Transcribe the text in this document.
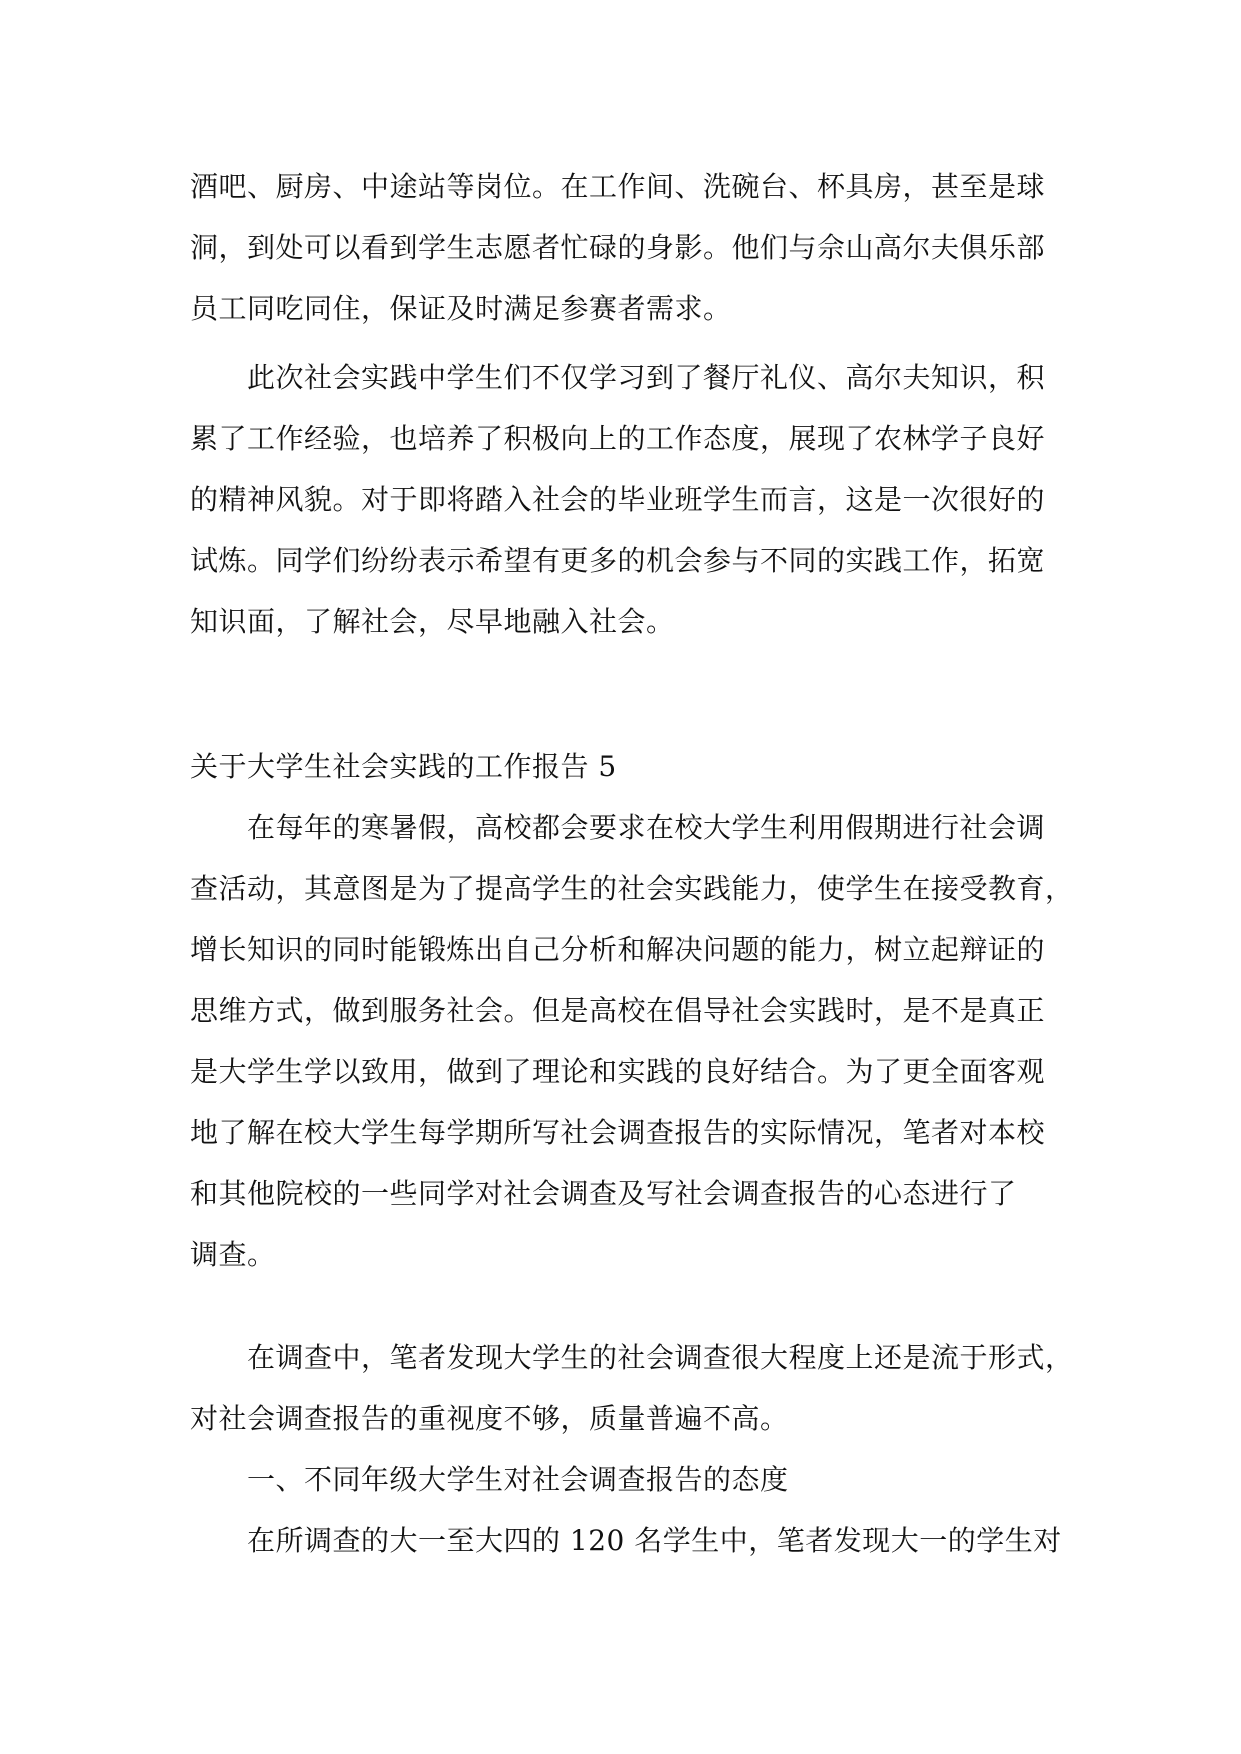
酒吧、厨房、中途站等岗位。在工作间、洗碗台、杯具房，甚至是球
洞，到处可以看到学生志愿者忙碌的身影。他们与佘山高尔夫俱乐部
员工同吃同住，保证及时满足参赛者需求。
此次社会实践中学生们不仅学习到了餐厅礼仪、高尔夫知识，积
累了工作经验，也培养了积极向上的工作态度，展现了农林学子良好
的精神风貌。对于即将踏入社会的毕业班学生而言，这是一次很好的
试炼。同学们纷纷表示希望有更多的机会参与不同的实践工作，拓宽
知识面，了解社会，尽早地融入社会。
关于大学生社会实践的工作报告 5
在每年的寒暑假，高校都会要求在校大学生利用假期进行社会调
查活动，其意图是为了提高学生的社会实践能力，使学生在接受教育，
增长知识的同时能锻炼出自己分析和解决问题的能力，树立起辩证的
思维方式，做到服务社会。但是高校在倡导社会实践时，是不是真正
是大学生学以致用，做到了理论和实践的良好结合。为了更全面客观
地了解在校大学生每学期所写社会调查报告的实际情况，笔者对本校
和其他院校的一些同学对社会调查及写社会调查报告的心态进行了
调查。
在调查中，笔者发现大学生的社会调查很大程度上还是流于形式，
对社会调查报告的重视度不够，质量普遍不高。
一、不同年级大学生对社会调查报告的态度
在所调查的大一至大四的 120 名学生中，笔者发现大一的学生对
